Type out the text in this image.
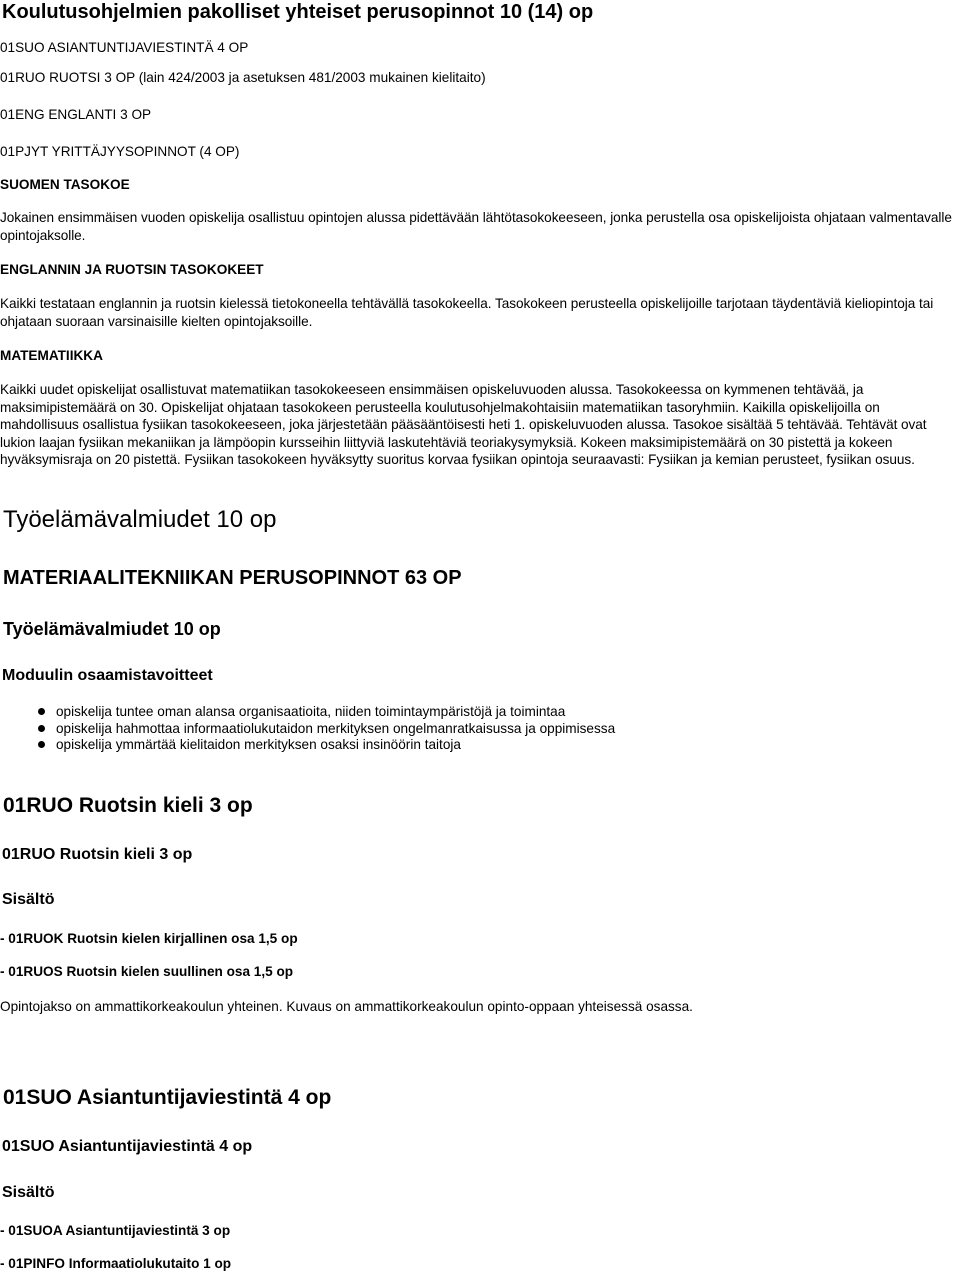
Koulutusohjelmien pakolliset yhteiset perusopinnot 10 (14) op

01SUO ASIANTUNTIJAVIESTINTÄ 4 OP

01RUO RUOTSI 3 OP (lain 424/2003 ja asetuksen 481/2003 mukainen kielitaito)

01ENG ENGLANTI 3 OP

01PJYT YRITTÄJYYSOPINNOT (4 OP)

SUOMEN TASOKOE

Jokainen ensimmäisen vuoden opiskelija osallistuu opintojen alussa pidettävään lähtötasokokeeseen, jonka perustella osa opiskelijoista ohjataan valmentavalle opintojaksolle.

ENGLANNIN JA RUOTSIN TASOKOKEET

Kaikki testataan englannin ja ruotsin kielessä tietokoneella tehtävällä tasokokeella. Tasokokeen perusteella opiskelijoille tarjotaan täydentäviä kieliopintoja tai ohjataan suoraan varsinaisille kielten opintojaksoille.

MATEMATIIKKA

Kaikki uudet opiskelijat osallistuvat matematiikan tasokokeeseen ensimmäisen opiskeluvuoden alussa. Tasokokeessa on kymmenen tehtävää, ja maksimipistemäärä on 30. Opiskelijat ohjataan tasokokeen perusteella koulutusohjelmakohtaisiin matematiikan tasoryhmiin. Kaikilla opiskelijoilla on mahdollisuus osallistua fysiikan tasokokeeseen, joka järjestetään pääsääntöisesti heti 1. opiskeluvuoden alussa. Tasokoe sisältää 5 tehtävää. Tehtävät ovat lukion laajan fysiikan mekaniikan ja lämpöopin kursseihin liittyviä laskutehtäviä teoriakysymyksiä. Kokeen maksimipistemäärä on 30 pistettä ja kokeen hyväksymisraja on 20 pistettä. Fysiikan tasokokeen hyväksytty suoritus korvaa fysiikan opintoja seuraavasti: Fysiikan ja kemian perusteet, fysiikan osuus.

Työelämävalmiudet 10 op
MATERIAALITEKNIIKAN PERUSOPINNOT 63 OP
Työelämävalmiudet 10 op
Moduulin osaamistavoitteet
opiskelija tuntee oman alansa organisaatioita, niiden toimintaympäristöjä ja toimintaa
opiskelija hahmottaa informaatiolukutaidon merkityksen ongelmanratkaisussa ja oppimisessa
opiskelija ymmärtää kielitaidon merkityksen osaksi insinöörin taitoja
01RUO Ruotsin kieli 3 op
01RUO Ruotsin kieli 3 op
Sisältö

- 01RUOK Ruotsin kielen kirjallinen osa 1,5 op

- 01RUOS Ruotsin kielen suullinen osa 1,5 op

Opintojakso on ammattikorkeakoulun yhteinen. Kuvaus on ammattikorkeakoulun opinto-oppaan yhteisessä osassa.

01SUO Asiantuntijaviestintä 4 op
01SUO Asiantuntijaviestintä 4 op
Sisältö

- 01SUOA Asiantuntijaviestintä 3 op

- 01PINFO Informaatiolukutaito 1 op
